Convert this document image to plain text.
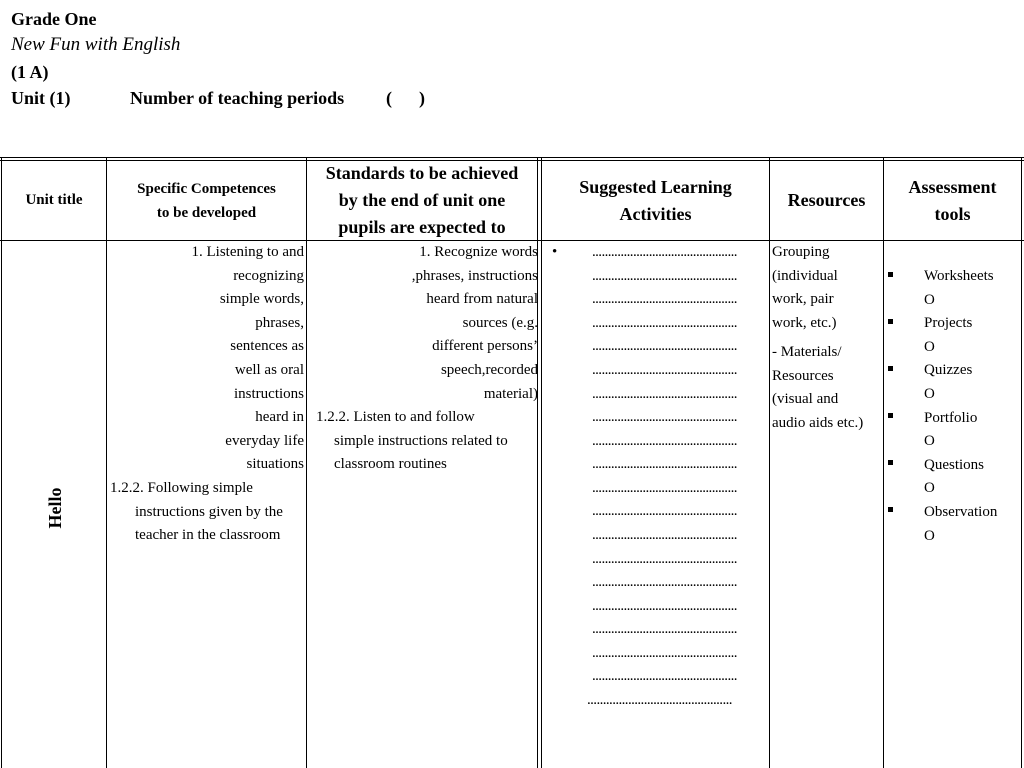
Grade One
New Fun with English
(1 A)
Unit (1)	Number of teaching periods (      )
Unit title
Specific Competences
to be developed
Standards to be achieved
by the end of unit one
pupils are expected to
Suggested Learning
Activities
Resources
Assessment
tools
Hello
1. Listening to and
recognizing
simple words,
phrases,
sentences as
well as oral
instructions
heard in
everyday life
situations
1.2.2. Following simple
instructions given by the
teacher in the classroom
1. Recognize words
,phrases, instructions
heard from natural
sources (e.g.
different persons’
speech,recorded
material)
1.2.2. Listen to and follow
simple instructions related to
classroom routines
• ..............................................
..............................................
..............................................
..............................................
..............................................
..............................................
..............................................
..............................................
..............................................
..............................................
..............................................
..............................................
..............................................
..............................................
..............................................
..............................................
..............................................
..............................................
..............................................
..............................................
Grouping
(individual
work, pair
work, etc.)
- Materials/
Resources
(visual and
audio aids etc.)
Worksheets
O
Projects
O
Quizzes
O
Portfolio
O
Questions
O
Observation
O
